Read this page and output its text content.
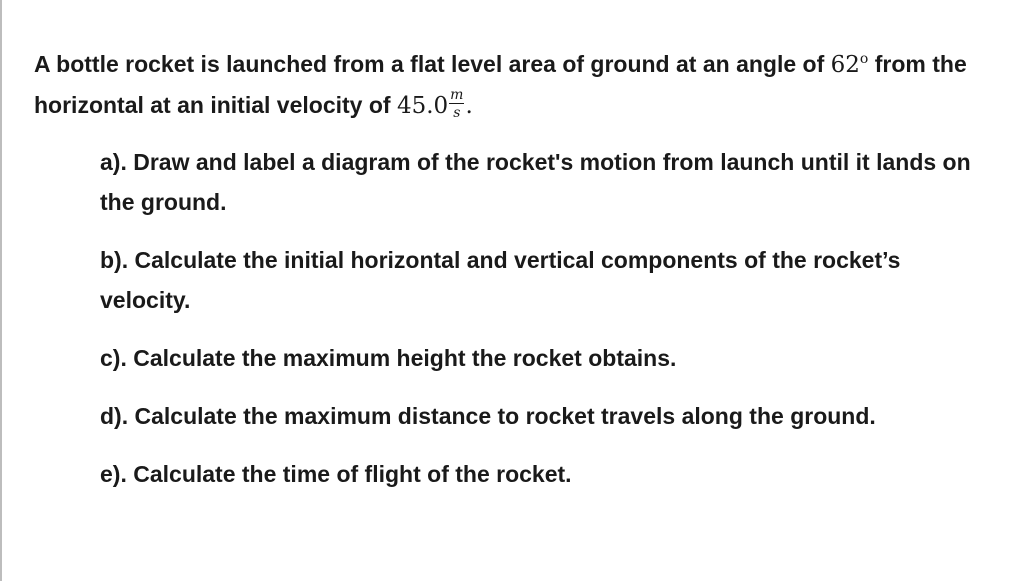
A bottle rocket is launched from a flat level area of ground at an angle of 62$^o$ from the horizontal at an initial velocity of $45.0 \frac{m}{s}$ .

a). Draw and label a diagram of the rocket's motion from launch until it lands on the ground.
b). Calculate the initial horizontal and vertical components of the rocket’s velocity.
c). Calculate the maximum height the rocket obtains.
d). Calculate the maximum distance to rocket travels along the ground.
e). Calculate the time of flight of the rocket.
